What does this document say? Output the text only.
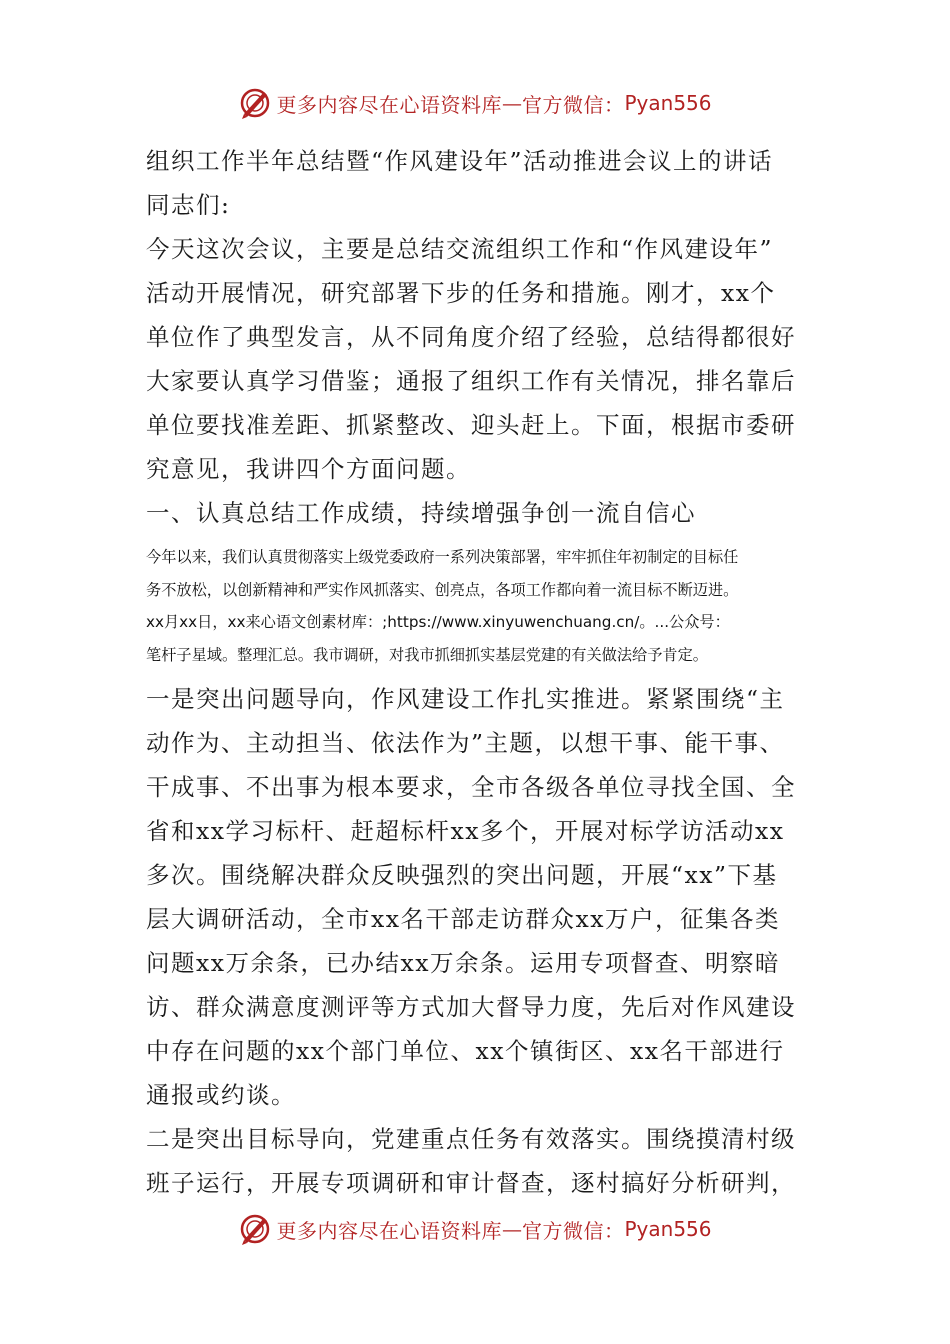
更多内容尽在心语资料库 — 官方微信： Pyan556
组织工作半年总结暨“作风建设年”活动推进会议上的讲话
同志们:
今天这次会议，主要是总结交流组织工作和“作风建设年”
活动开展情况，研究部署下步的任务和措施。刚才，xx个
单位作了典型发言，从不同角度介绍了经验，总结得都很好
大家要认真学习借鉴；通报了组织工作有关情况，排名靠后
单位要找准差距、抓紧整改、迎头赶上。下面，根据市委研
究意见，我讲四个方面问题。
一、认真总结工作成绩，持续增强争创一流自信心
今年以来，我们认真贯彻落实上级党委政府一系列决策部署，牢牢抓住年初制定的目标任
务不放松，以创新精神和严实作风抓落实、创亮点，各项工作都向着一流目标不断迈进。
xx月xx日，xx来心语文创素材库：;https://www.xinyuwenchuang.cn/。...公众号：
笔杆子星域。整理汇总。我市调研，对我市抓细抓实基层党建的有关做法给予肯定。
一是突出问题导向，作风建设工作扎实推进。紧紧围绕“主
动作为、主动担当、依法作为”主题，以想干事、能干事、
干成事、不出事为根本要求，全市各级各单位寻找全国、全
省和xx学习标杆、赶超标杆xx多个，开展对标学访活动xx
多次。围绕解决群众反映强烈的突出问题，开展“xx”下基
层大调研活动，全市xx名干部走访群众xx万户，征集各类
问题xx万余条，已办结xx万余条。运用专项督查、明察暗
访、群众满意度测评等方式加大督导力度，先后对作风建设
中存在问题的xx个部门单位、xx个镇街区、xx名干部进行
通报或约谈。
二是突出目标导向，党建重点任务有效落实。围绕摸清村级
班子运行，开展专项调研和审计督查，逐村搞好分析研判，
更多内容尽在心语资料库 — 官方微信： Pyan556
